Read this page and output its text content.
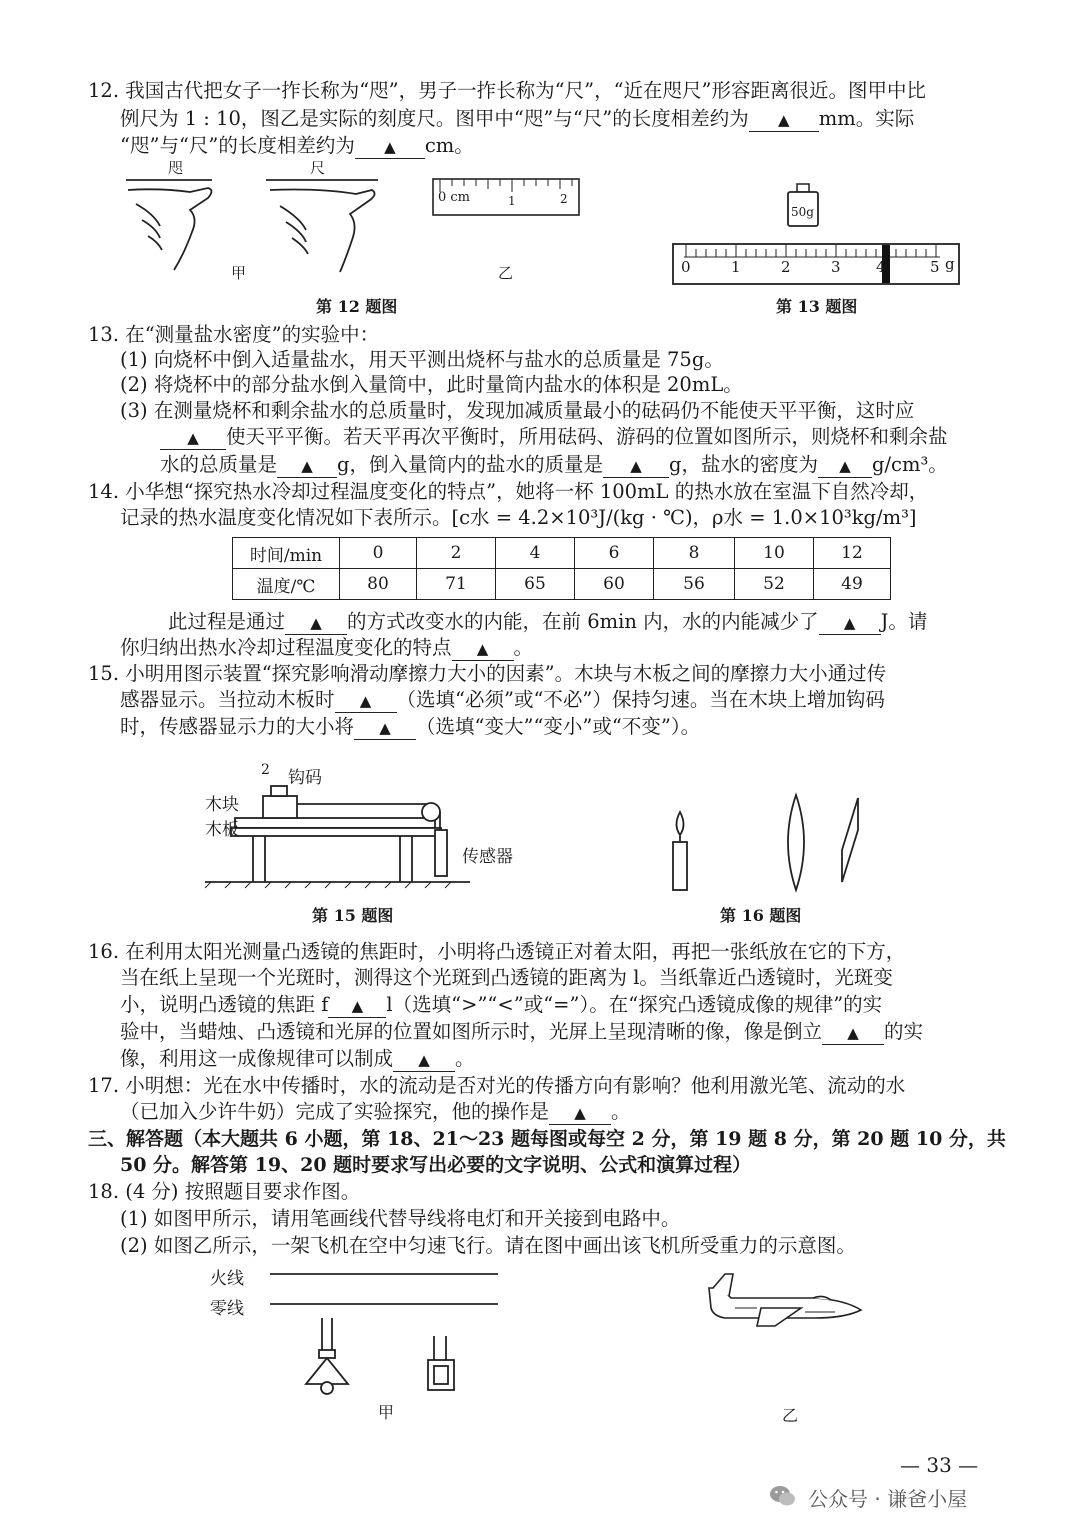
12. 我国古代把女子一拃长称为“咫”，男子一拃长称为“尺”，“近在咫尺”形容距离很近。图甲中比
例尺为 1 : 10，图乙是实际的刻度尺。图甲中“咫”与“尺”的长度相差约为 ▲ mm。实际
“咫”与“尺”的长度相差约为 ▲ cm。
咫	尺
甲
0 cm	1	2
乙
第 12 题图
50g
0	1	2	3 4	5 g
第 13 题图
13. 在“测量盐水密度”的实验中：
(1) 向烧杯中倒入适量盐水，用天平测出烧杯与盐水的总质量是 75g。
(2) 将烧杯中的部分盐水倒入量筒中，此时量筒内盐水的体积是 20mL。
(3) 在测量烧杯和剩余盐水的总质量时，发现加减质量最小的砝码仍不能使天平平衡，这时应
▲ 使天平平衡。若天平再次平衡时，所用砝码、游码的位置如图所示，则烧杯和剩余盐
水的总质量是 ▲ g，倒入量筒内的盐水的质量是 ▲ g，盐水的密度为 ▲ g/cm³。
14. 小华想“探究热水冷却过程温度变化的特点”，她将一杯 100mL 的热水放在室温下自然冷却，
记录的热水温度变化情况如下表所示。[c水 = 4.2×10³J/(kg · ℃)，ρ水 = 1.0×10³kg/m³]
时间/min	0	2	4	6	8	10	12
温度/℃	80	71	65	60	56	52	49
此过程是通过 ▲ 的方式改变水的内能，在前 6min 内，水的内能减少了 ▲ J。请
你归纳出热水冷却过程温度变化的特点 ▲ 。
15. 小明用图示装置“探究影响滑动摩擦力大小的因素”。木块与木板之间的摩擦力大小通过传
感器显示。当拉动木板时 ▲ （选填“必须”或“不必”）保持匀速。当在木块上增加钩码
时，传感器显示力的大小将 ▲ （选填“变大”“变小”或“不变”）。
2 钩码
木块
木板
传感器
第 15 题图	第 16 题图
16. 在利用太阳光测量凸透镜的焦距时，小明将凸透镜正对着太阳，再把一张纸放在它的下方，
当在纸上呈现一个光斑时，测得这个光斑到凸透镜的距离为 l。当纸靠近凸透镜时，光斑变
小，说明凸透镜的焦距 f ▲ l（选填“>”“<”或“=”）。在“探究凸透镜成像的规律”的实
验中，当蜡烛、凸透镜和光屏的位置如图所示时，光屏上呈现清晰的像，像是倒立 ▲ 的实
像，利用这一成像规律可以制成 ▲ 。
17. 小明想：光在水中传播时，水的流动是否对光的传播方向有影响？他利用激光笔、流动的水
（已加入少许牛奶）完成了实验探究，他的操作是 ▲ 。
三、解答题（本大题共 6 小题，第 18、21～23 题每图或每空 2 分，第 19 题 8 分，第 20 题 10 分，共
50 分。解答第 19、20 题时要求写出必要的文字说明、公式和演算过程）
18. (4 分) 按照题目要求作图。
(1) 如图甲所示，请用笔画线代替导线将电灯和开关接到电路中。
(2) 如图乙所示，一架飞机在空中匀速飞行。请在图中画出该飞机所受重力的示意图。
火线
零线
甲	乙
— 33 —
公众号 · 谦爸小屋
